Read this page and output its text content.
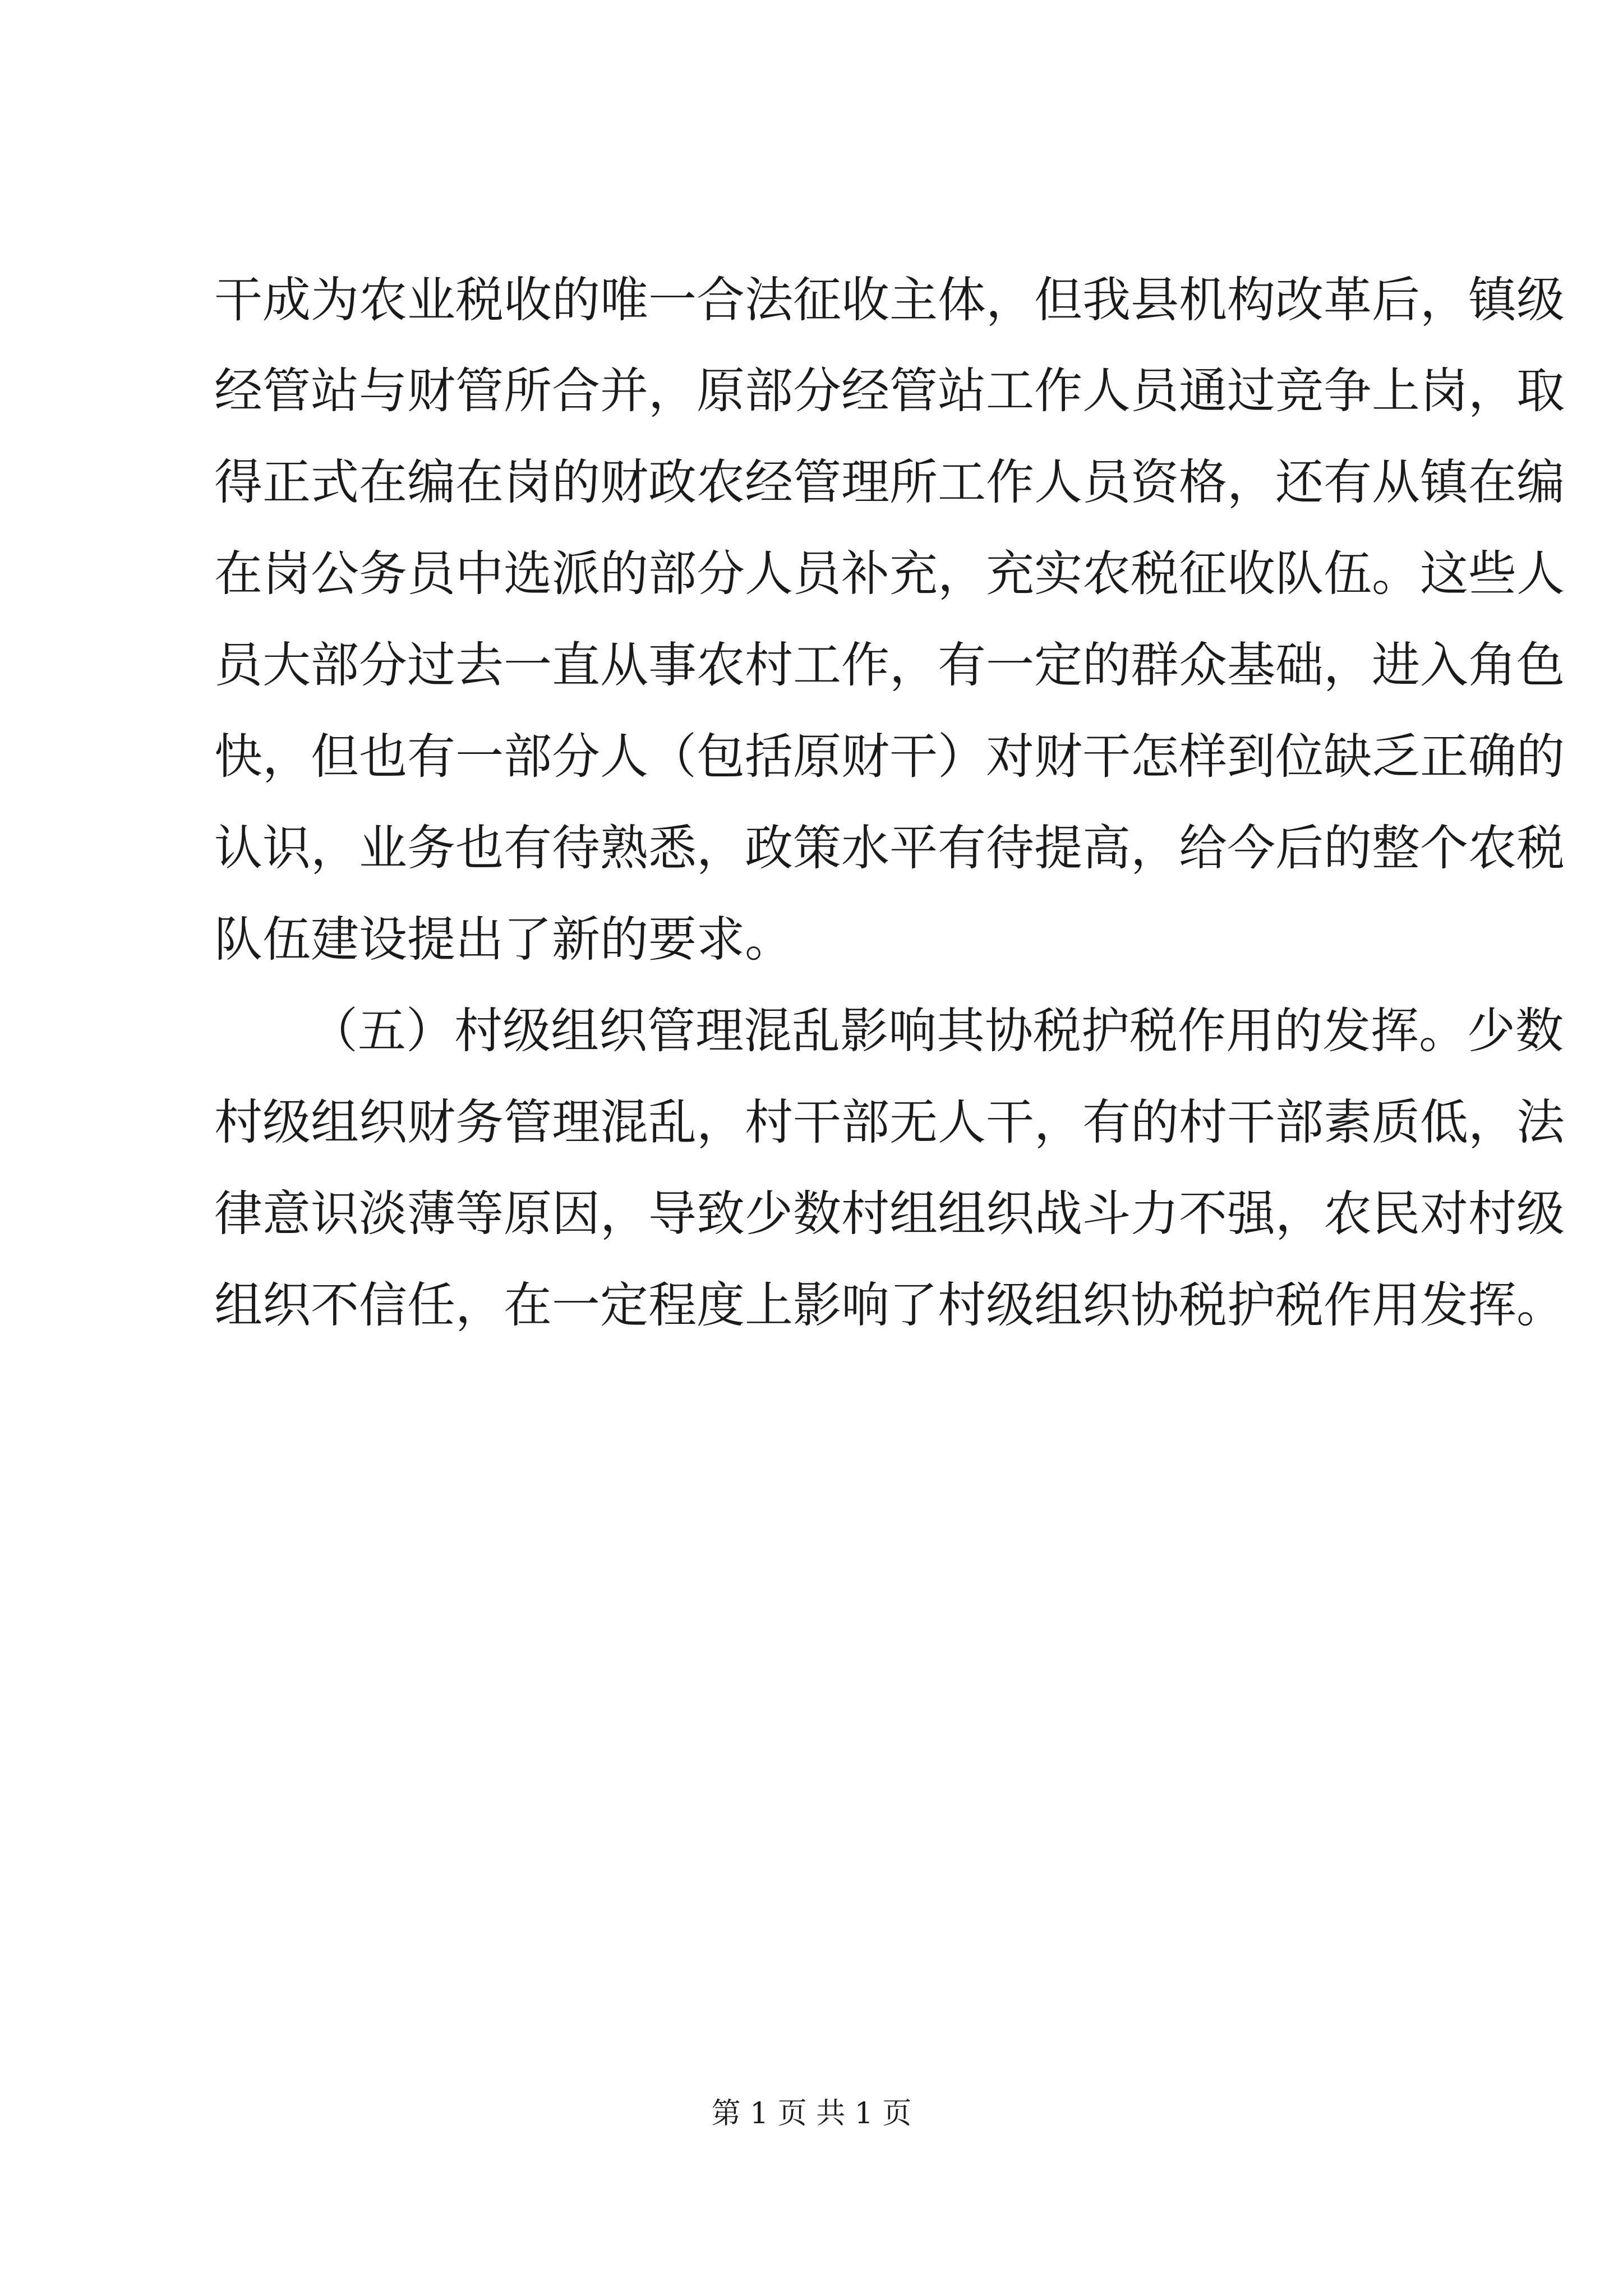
干成为农业税收的唯一合法征收主体，但我县机构改革后，镇级
经管站与财管所合并，原部分经管站工作人员通过竞争上岗，取
得正式在编在岗的财政农经管理所工作人员资格，还有从镇在编
在岗公务员中选派的部分人员补充，充实农税征收队伍。这些人
员大部分过去一直从事农村工作，有一定的群众基础，进入角色
快，但也有一部分人（包括原财干）对财干怎样到位缺乏正确的
认识，业务也有待熟悉，政策水平有待提高，给今后的整个农税
队伍建设提出了新的要求。
（五）村级组织管理混乱影响其协税护税作用的发挥。少数
村级组织财务管理混乱，村干部无人干，有的村干部素质低，法
律意识淡薄等原因，导致少数村组组织战斗力不强，农民对村级
组织不信任，在一定程度上影响了村级组织协税护税作用发挥。
第 1 页 共 1 页
